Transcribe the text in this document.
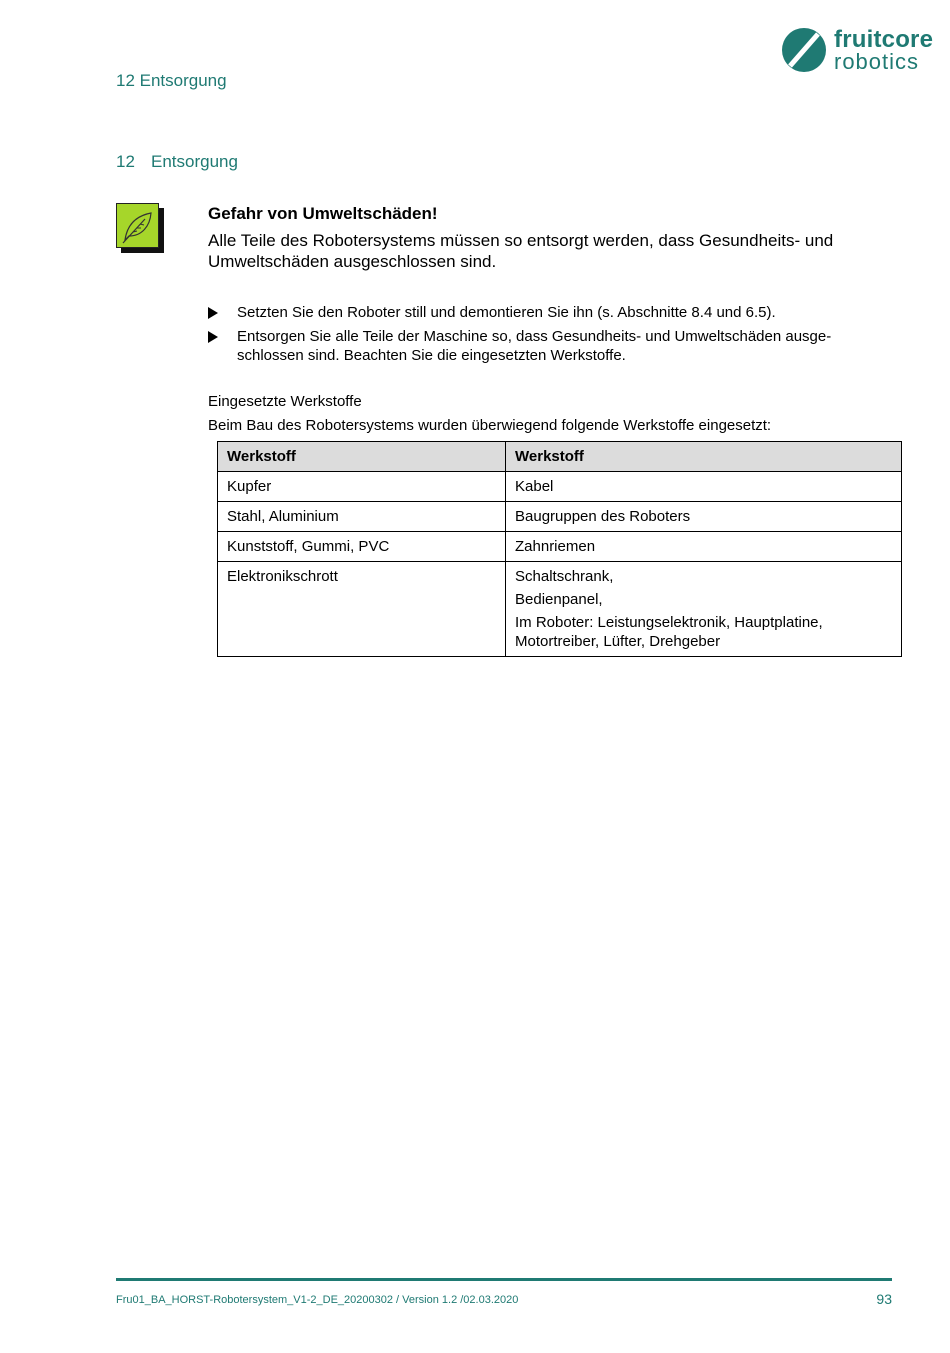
12 Entsorgung
fruitcore
robotics
12 Entsorgung
Gefahr von Umweltschäden!
Alle Teile des Robotersystems müssen so entsorgt werden, dass Gesundheits- und Umweltschäden ausgeschlossen sind.
Setzten Sie den Roboter still und demontieren Sie ihn (s. Abschnitte 8.4 und 6.5).
Entsorgen Sie alle Teile der Maschine so, dass Gesundheits- und Umweltschäden ausge- schlossen sind. Beachten Sie die eingesetzten Werkstoffe.
Eingesetzte Werkstoffe
Beim Bau des Robotersystems wurden überwiegend folgende Werkstoffe eingesetzt:
Werkstoff	Werkstoff
Kupfer	Kabel

Stahl, Aluminium	Baugruppen des Roboters

Kunststoff, Gummi, PVC	Zahnriemen

Elektronikschrott	Schaltschrank,
Bedienpanel,
Im Roboter: Leistungselektronik, Hauptplatine, Motortreiber, Lüfter, Drehgeber
Fru01_BA_HORST-Robotersystem_V1-2_DE_20200302 / Version 1.2 /02.03.2020	93
